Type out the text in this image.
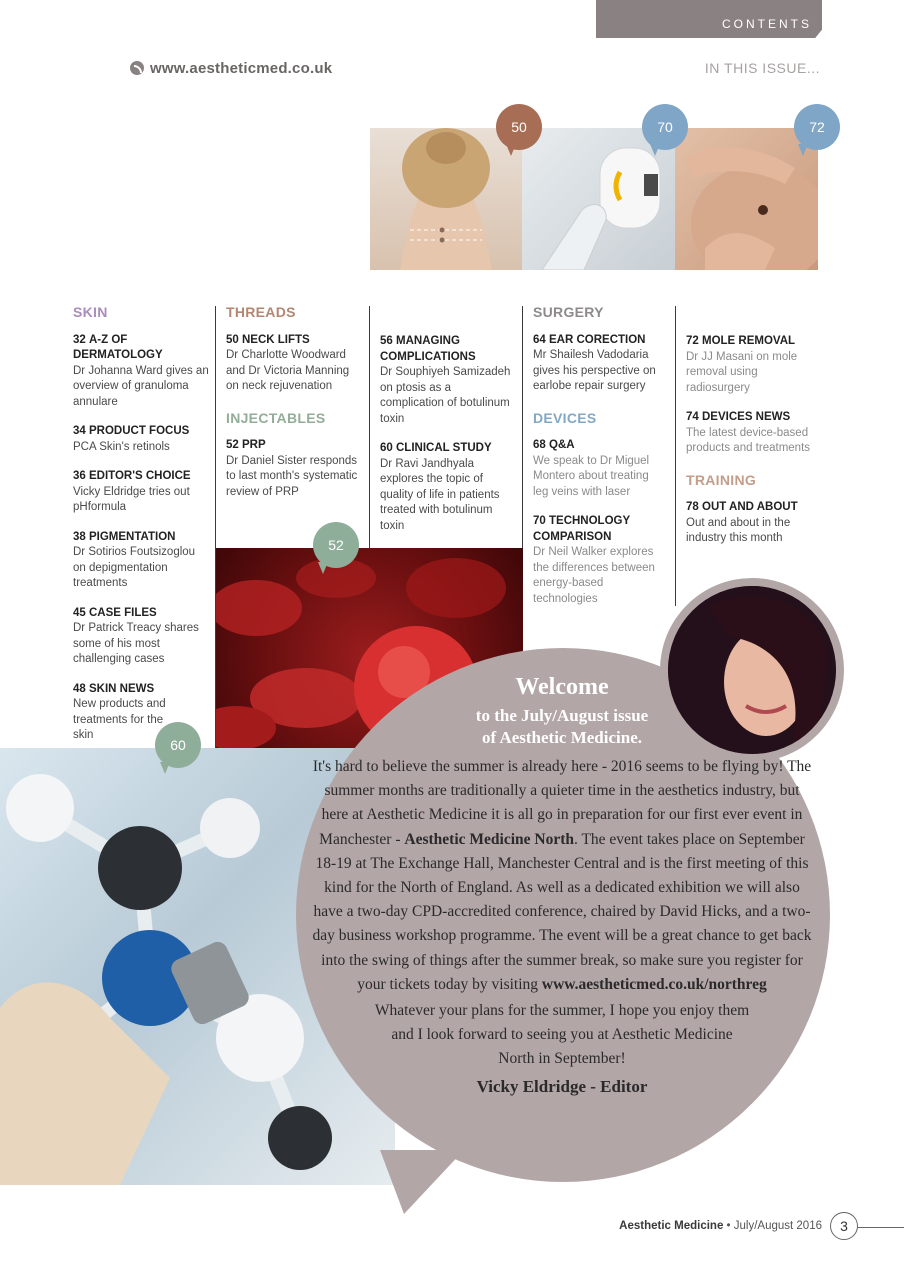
CONTENTS
www.aestheticmed.co.uk	IN THIS ISSUE...
50	70	72
SKIN
32 A-Z OF DERMATOLOGY
Dr Johanna Ward gives an overview of granuloma annulare
34 PRODUCT FOCUS
PCA Skin's retinols
36 EDITOR'S CHOICE
Vicky Eldridge tries out pHformula
38 PIGMENTATION
Dr Sotirios Foutsizoglou on depigmentation treatments
45 CASE FILES
Dr Patrick Treacy shares some of his most challenging cases
48 SKIN NEWS
New products and treatments for the skin
THREADS
50 NECK LIFTS
Dr Charlotte Woodward and Dr Victoria Manning on neck rejuvenation
INJECTABLES
52 PRP
Dr Daniel Sister responds to last month's systematic review of PRP
56 MANAGING COMPLICATIONS
Dr Souphiyeh Samizadeh on ptosis as a complication of botulinum toxin
60 CLINICAL STUDY
Dr Ravi Jandhyala explores the topic of quality of life in patients treated with botulinum toxin
SURGERY
64 EAR CORECTION
Mr Shailesh Vadodaria gives his perspective on earlobe repair surgery
DEVICES
68 Q&A
We speak to Dr Miguel Montero about treating leg veins with laser
70 TECHNOLOGY COMPARISON
Dr Neil Walker explores the differences between energy-based technologies
72 MOLE REMOVAL
Dr JJ Masani on mole removal using radiosurgery
74 DEVICES NEWS
The latest device-based products and treatments
TRAINING
78 OUT AND ABOUT
Out and about in the industry this month
52
60
Welcome
to the July/August issue
of Aesthetic Medicine.
It's hard to believe the summer is already here - 2016 seems to be flying by! The summer months are traditionally a quieter time in the aesthetics industry, but here at Aesthetic Medicine it is all go in preparation for our first ever event in Manchester - Aesthetic Medicine North. The event takes place on September 18-19 at The Exchange Hall, Manchester Central and is the first meeting of this kind for the North of England. As well as a dedicated exhibition we will also have a two-day CPD-accredited conference, chaired by David Hicks, and a two-day business workshop programme. The event will be a great chance to get back into the swing of things after the summer break, so make sure you register for your tickets today by visiting www.aestheticmed.co.uk/northreg
Whatever your plans for the summer, I hope you enjoy them and I look forward to seeing you at Aesthetic Medicine North in September!
Vicky Eldridge - Editor
Aesthetic Medicine • July/August 2016	3
